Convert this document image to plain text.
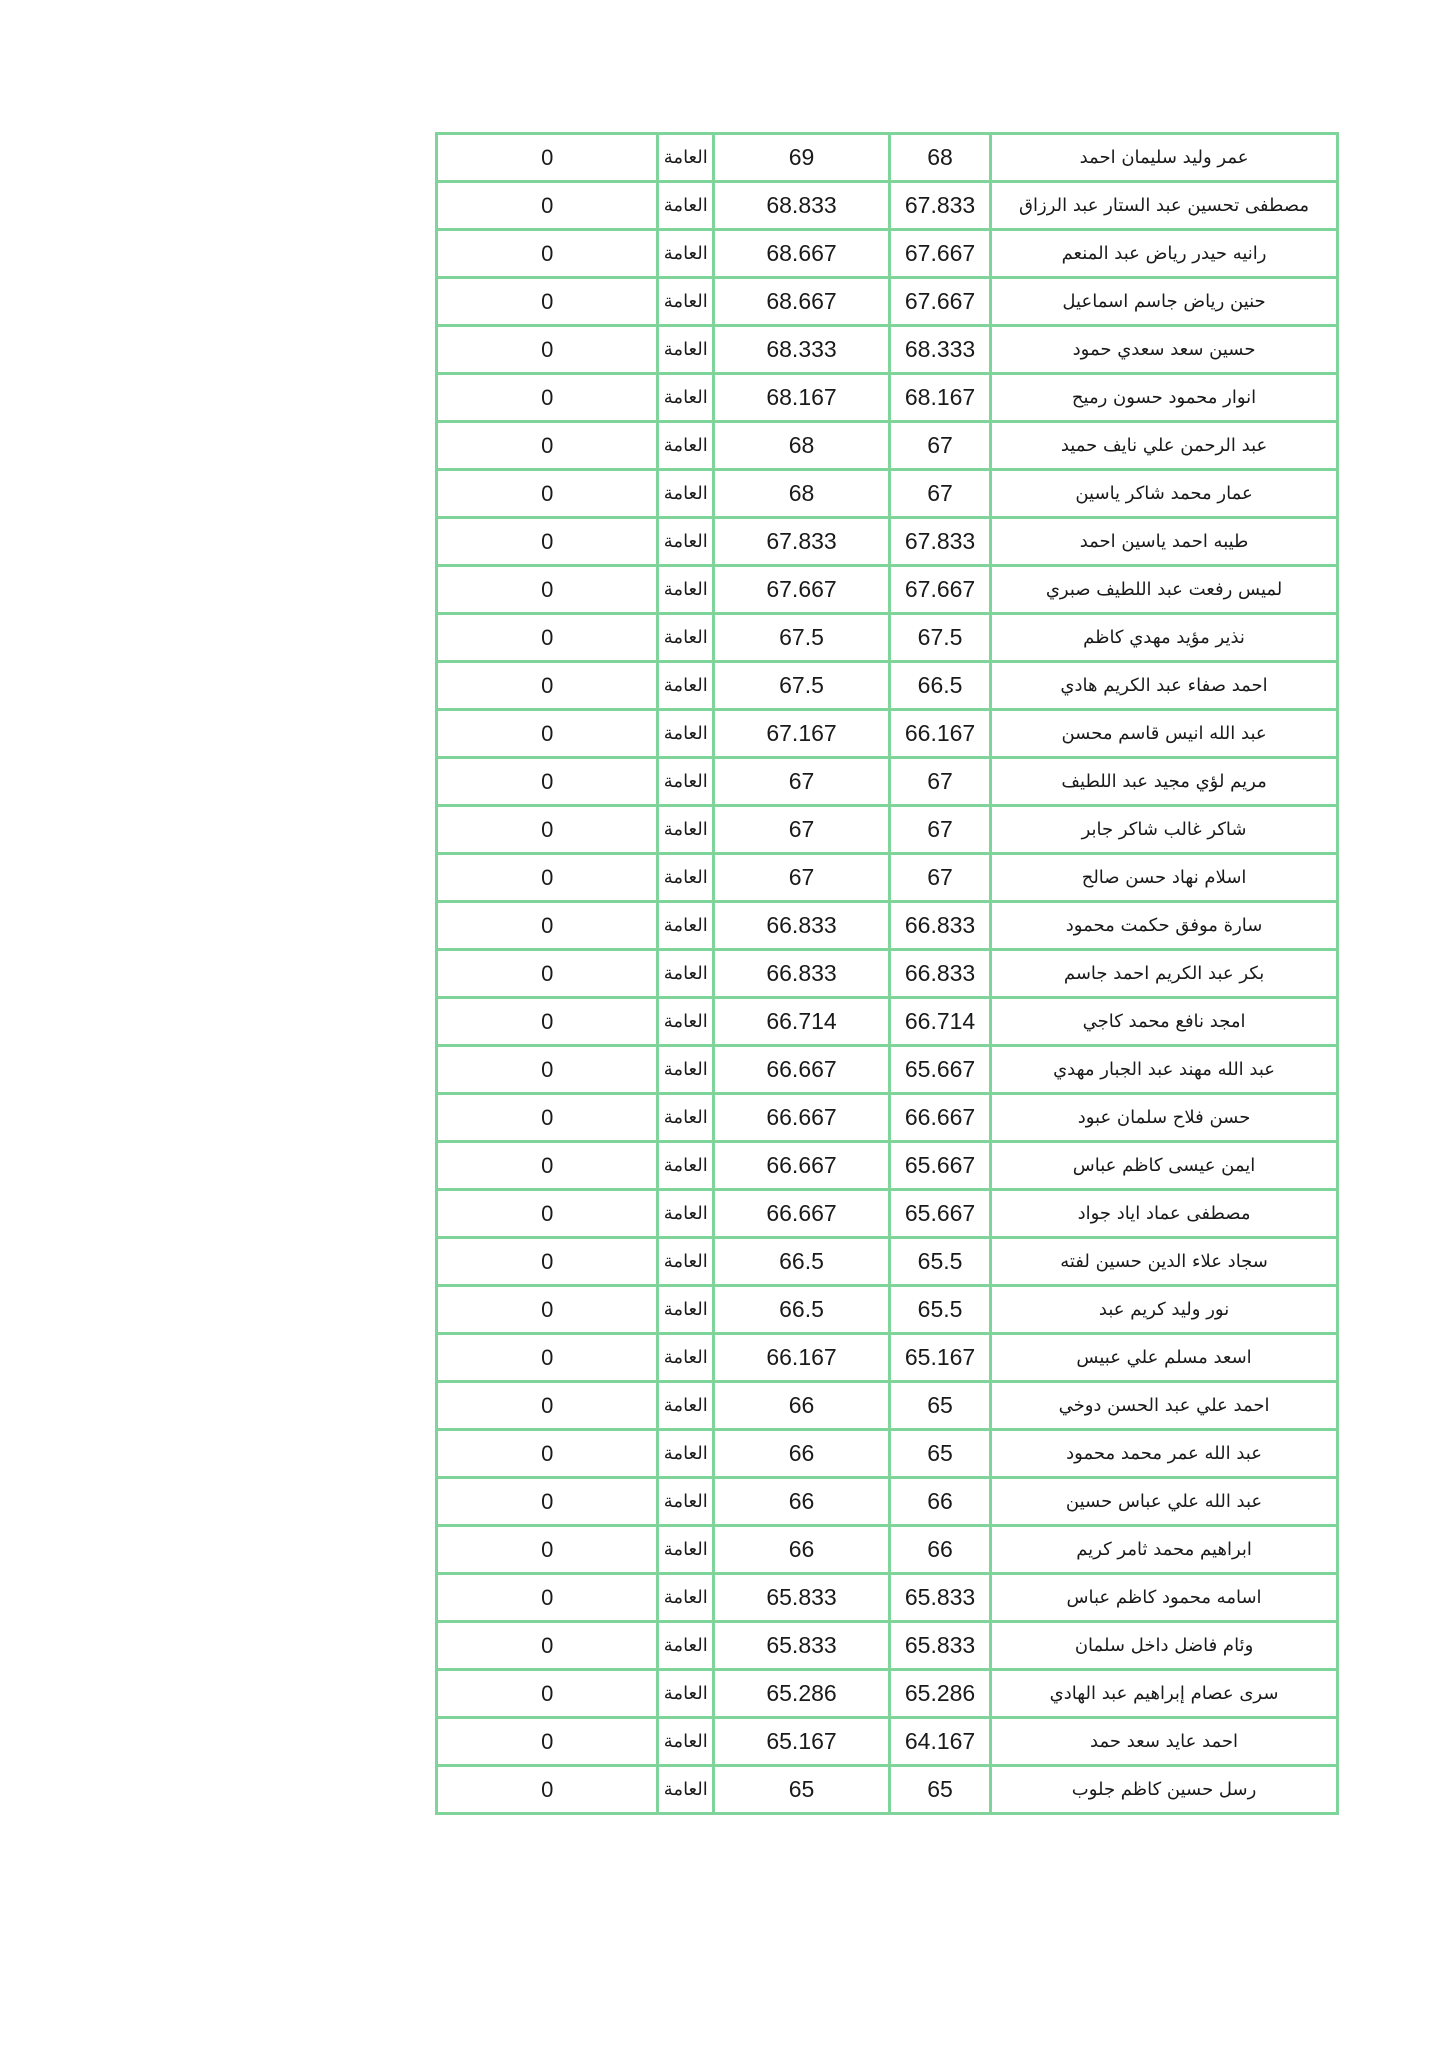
0	العامة	69	68	عمر وليد سليمان احمد
0	العامة	68.833	67.833	مصطفى تحسين عبد الستار عبد الرزاق
0	العامة	68.667	67.667	رانيه حيدر رياض عبد المنعم
0	العامة	68.667	67.667	حنين رياض جاسم اسماعيل
0	العامة	68.333	68.333	حسين سعد سعدي حمود
0	العامة	68.167	68.167	انوار محمود حسون رميح
0	العامة	68	67	عبد الرحمن علي نايف حميد
0	العامة	68	67	عمار محمد شاكر ياسين
0	العامة	67.833	67.833	طيبه احمد ياسين احمد
0	العامة	67.667	67.667	لميس رفعت عبد اللطيف صبري
0	العامة	67.5	67.5	نذير مؤيد مهدي كاظم
0	العامة	67.5	66.5	احمد صفاء عبد الكريم هادي
0	العامة	67.167	66.167	عبد الله انيس قاسم محسن
0	العامة	67	67	مريم لؤي مجيد عبد اللطيف
0	العامة	67	67	شاكر غالب شاكر جابر
0	العامة	67	67	اسلام نهاد حسن صالح
0	العامة	66.833	66.833	سارة موفق حكمت محمود
0	العامة	66.833	66.833	بكر عبد الكريم احمد جاسم
0	العامة	66.714	66.714	امجد نافع محمد كاجي
0	العامة	66.667	65.667	عبد الله مهند عبد الجبار مهدي
0	العامة	66.667	66.667	حسن فلاح سلمان عبود
0	العامة	66.667	65.667	ايمن عيسى كاظم عباس
0	العامة	66.667	65.667	مصطفى عماد اياد جواد
0	العامة	66.5	65.5	سجاد علاء الدين حسين لفته
0	العامة	66.5	65.5	نور وليد كريم عبد
0	العامة	66.167	65.167	اسعد مسلم علي عبيس
0	العامة	66	65	احمد علي عبد الحسن دوخي
0	العامة	66	65	عبد الله عمر محمد محمود
0	العامة	66	66	عبد الله علي عباس حسين
0	العامة	66	66	ابراهيم محمد ثامر كريم
0	العامة	65.833	65.833	اسامه محمود كاظم عباس
0	العامة	65.833	65.833	وئام فاضل داخل سلمان
0	العامة	65.286	65.286	سرى عصام إبراهيم عبد الهادي
0	العامة	65.167	64.167	احمد عايد سعد حمد
0	العامة	65	65	رسل حسين كاظم جلوب
